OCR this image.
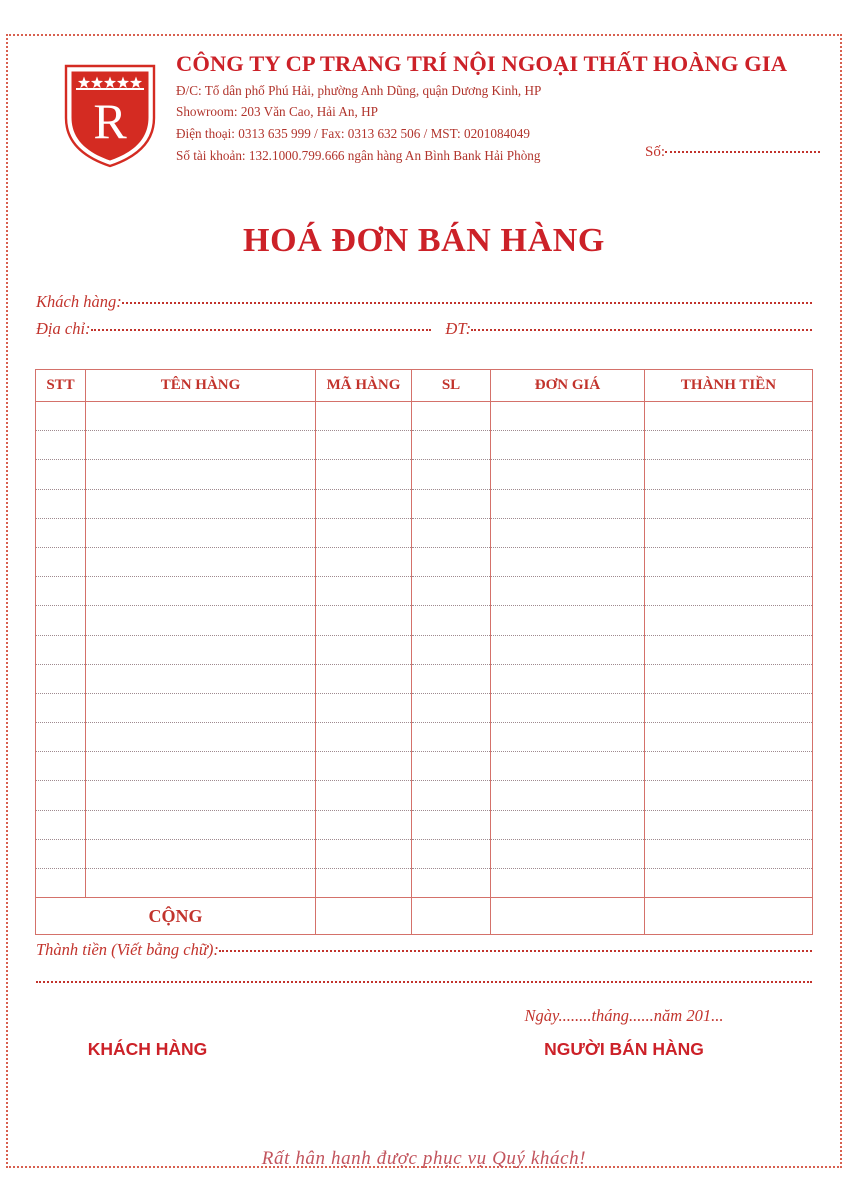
R
CÔNG TY CP TRANG TRÍ NỘI NGOẠI THẤT HOÀNG GIA
Đ/C: Tổ dân phố Phú Hải, phường Anh Dũng, quận Dương Kinh, HP
Showroom: 203 Văn Cao, Hải An, HP
Điện thoại: 0313 635 999 / Fax: 0313 632 506 / MST: 0201084049
Số tài khoản: 132.1000.799.666 ngân hàng An Bình Bank Hải Phòng	Số:
HOÁ ĐƠN BÁN HÀNG
Khách hàng:
Địa chỉ:	ĐT:
STT	TÊN HÀNG	MÃ HÀNG	SL	ĐƠN GIÁ	THÀNH TIỀN

CỘNG					
Thành tiền (Viết bằng chữ):
Ngày........tháng......năm 201...
KHÁCH HÀNG	NGƯỜI BÁN HÀNG
Rất hân hạnh được phục vụ Quý khách!
